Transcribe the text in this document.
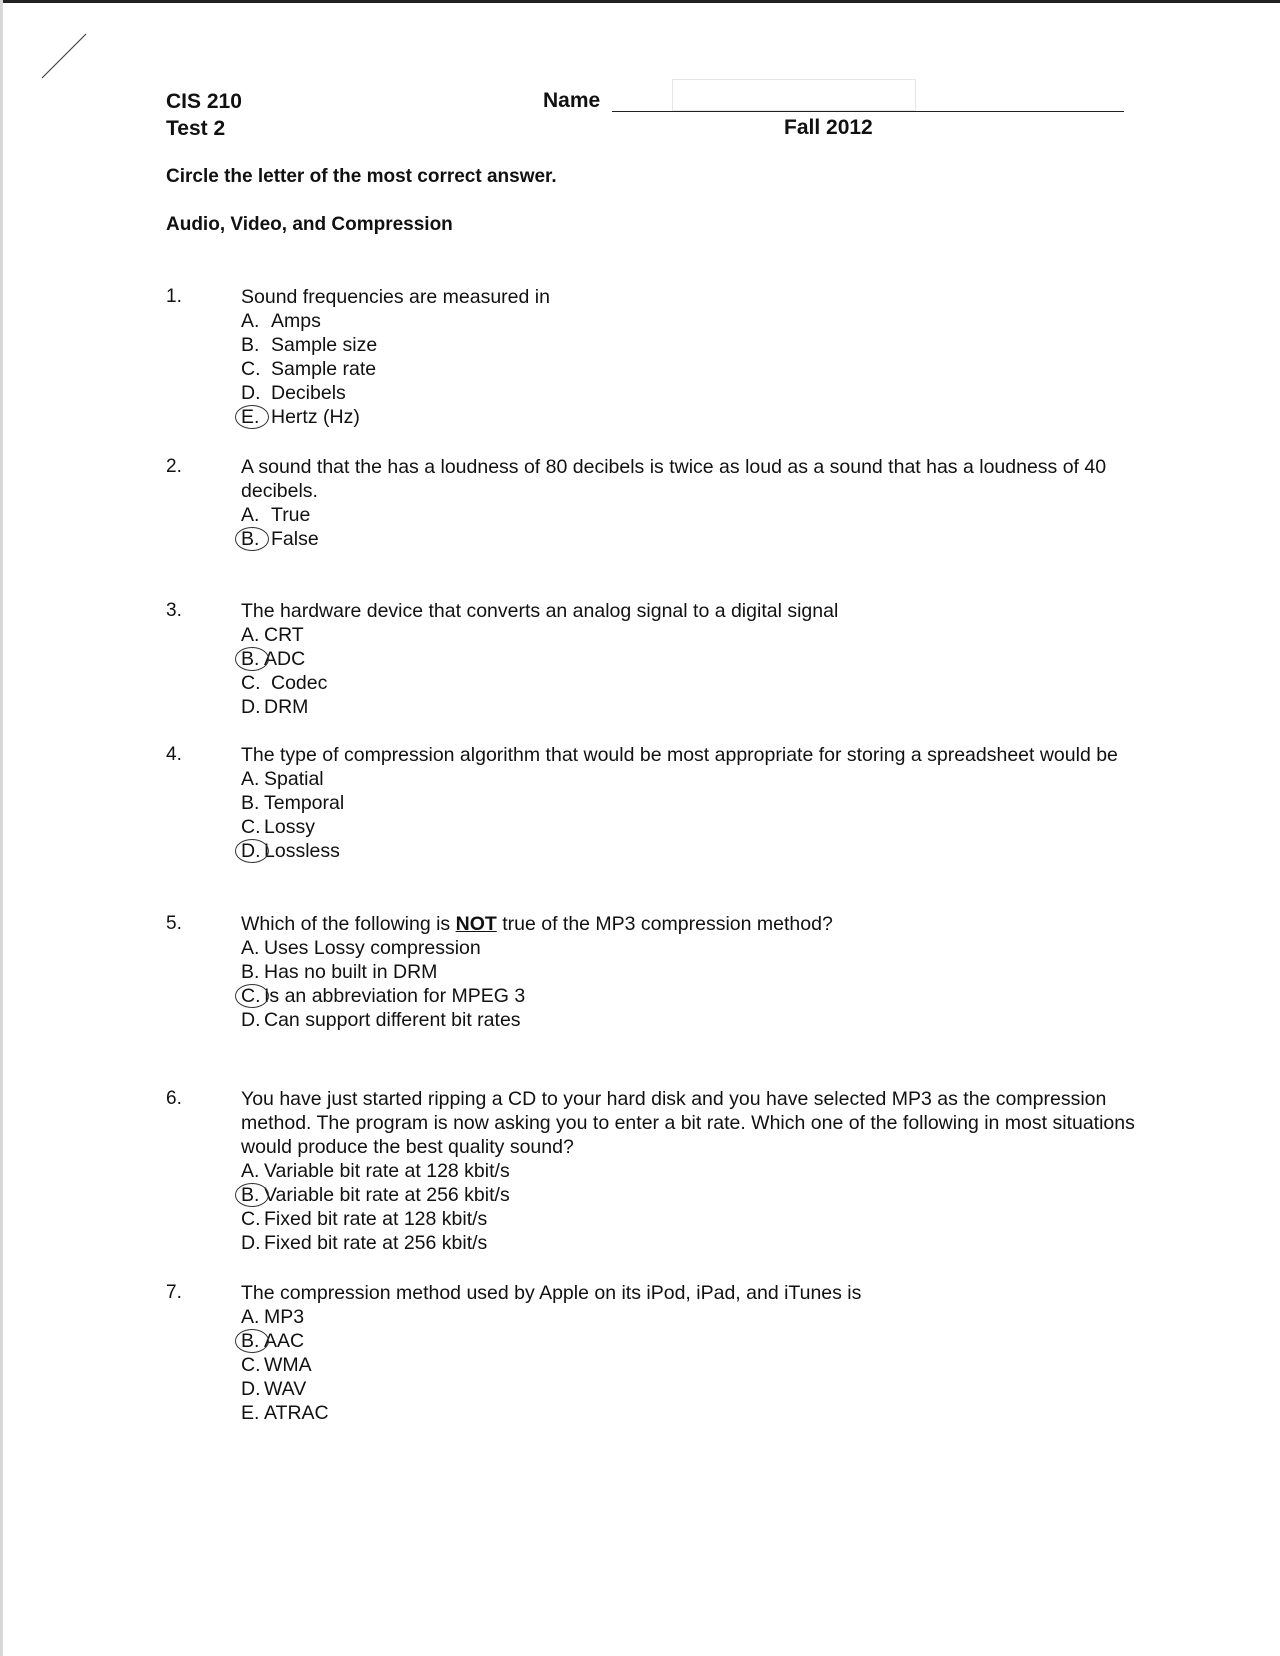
CIS 210
Test 2
Name
Fall 2012
Circle the letter of the most correct answer.
Audio, Video, and Compression
1.	Sound frequencies are measured in

A. Amps
B. Sample size
C. Sample rate
D. Decibels
E. Hertz (Hz)
2.	A sound that the has a loudness of 80 decibels is twice as loud as a sound that has a loudness of 40 decibels.

A. True
B. False
3.	The hardware device that converts an analog signal to a digital signal

A. CRT
B. ADC
C. Codec
D. DRM
4.	The type of compression algorithm that would be most appropriate for storing a spreadsheet would be

A. Spatial
B. Temporal
C. Lossy
D. Lossless
5.	Which of the following is NOT true of the MP3 compression method?

A. Uses Lossy compression
B. Has no built in DRM
C. Is an abbreviation for MPEG 3
D. Can support different bit rates
6.	You have just started ripping a CD to your hard disk and you have selected MP3 as the compression method. The program is now asking you to enter a bit rate. Which one of the following in most situations would produce the best quality sound?

A. Variable bit rate at 128 kbit/s
B. Variable bit rate at 256 kbit/s
C. Fixed bit rate at 128 kbit/s
D. Fixed bit rate at 256 kbit/s
7.	The compression method used by Apple on its iPod, iPad, and iTunes is

A. MP3
B. AAC
C. WMA
D. WAV
E. ATRAC
